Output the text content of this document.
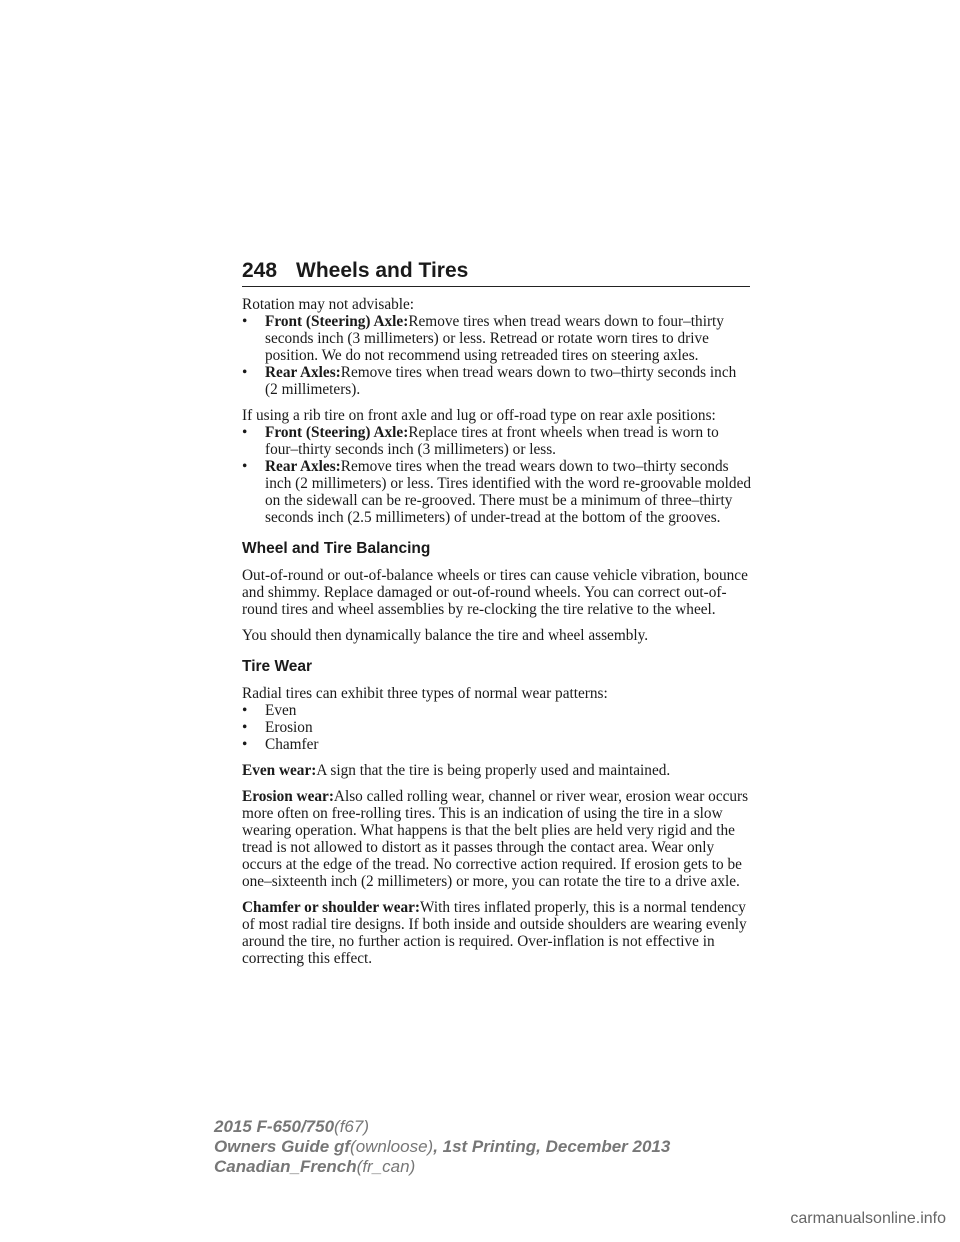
248 Wheels and Tires

Rotation may not advisable:

•	Front (Steering) Axle:Remove tires when tread wears down to four–thirty seconds inch (3 millimeters) or less. Retread or rotate worn tires to drive position. We do not recommend using retreaded tires on steering axles.
•	Rear Axles:Remove tires when tread wears down to two–thirty seconds inch (2 millimeters).

If using a rib tire on front axle and lug or off-road type on rear axle positions:

•	Front (Steering) Axle:Replace tires at front wheels when tread is worn to four–thirty seconds inch (3 millimeters) or less.
•	Rear Axles:Remove tires when the tread wears down to two–thirty seconds inch (2 millimeters) or less. Tires identified with the word re-groovable molded on the sidewall can be re-grooved. There must be a minimum of three–thirty seconds inch (2.5 millimeters) of under-tread at the bottom of the grooves.
Wheel and Tire Balancing

Out-of-round or out-of-balance wheels or tires can cause vehicle vibration, bounce and shimmy. Replace damaged or out-of-round wheels. You can correct out-of-round tires and wheel assemblies by re-clocking the tire relative to the wheel.

You should then dynamically balance the tire and wheel assembly.

Tire Wear

Radial tires can exhibit three types of normal wear patterns:

•	Even
•	Erosion
•	Chamfer

Even wear:A sign that the tire is being properly used and maintained.

Erosion wear:Also called rolling wear, channel or river wear, erosion wear occurs more often on free-rolling tires. This is an indication of using the tire in a slow wearing operation. What happens is that the belt plies are held very rigid and the tread is not allowed to distort as it passes through the contact area. Wear only occurs at the edge of the tread. No corrective action required. If erosion gets to be one–sixteenth inch (2 millimeters) or more, you can rotate the tire to a drive axle.

Chamfer or shoulder wear:With tires inflated properly, this is a normal tendency of most radial tire designs. If both inside and outside shoulders are wearing evenly around the tire, no further action is required. Over-inflation is not effective in correcting this effect.

2015 F-650/750(f67)
Owners Guide gf(ownloose), 1st Printing, December 2013
Canadian_French(fr_can)
carmanualsonline.info
